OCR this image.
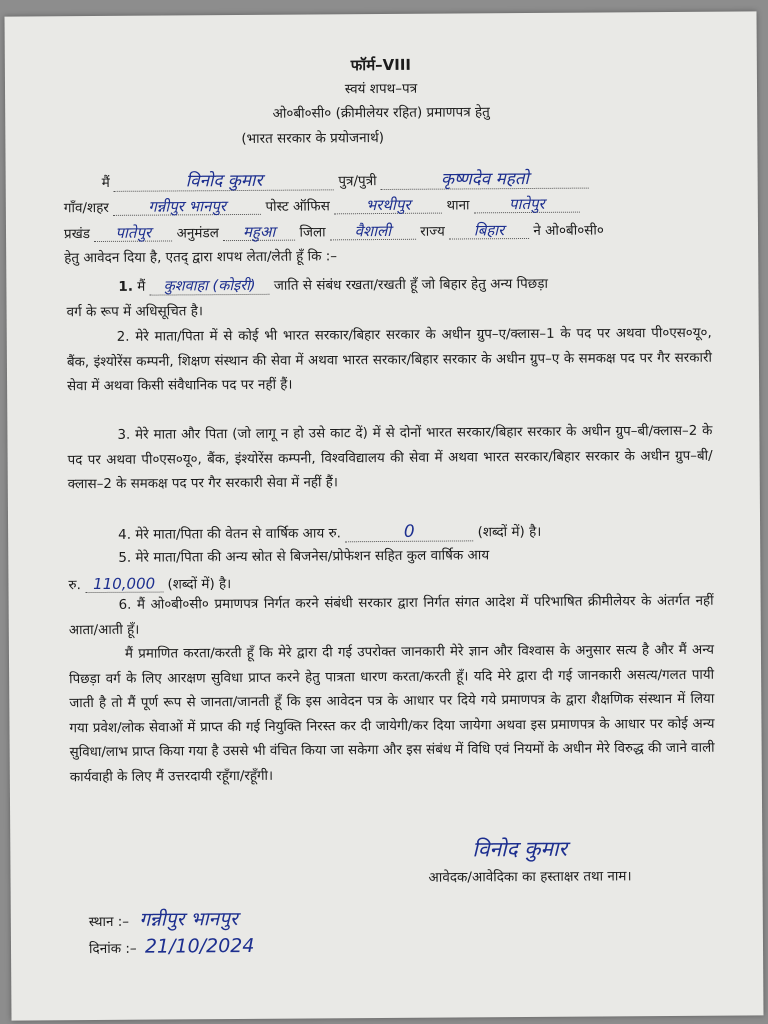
फॉर्म–VIII
स्वयं शपथ–पत्र
ओ०बी०सी० (क्रीमीलेयर रहित) प्रमाणपत्र हेतु
(भारत सरकार के प्रयोजनार्थ)
मैं	विनोद कुमार	पुत्र/पुत्री	कृष्णदेव महतो
गाँव/शहर	गन्नीपुर भानपुर	पोस्ट ऑफिस भरथीपुर	थाना	पातेपुर
प्रखंड पातेपुर अनुमंडल महुआ जिला वैशाली राज्य बिहार ने ओ०बी०सी०
हेतु आवेदन दिया है, एतद् द्वारा शपथ लेता/लेती हूँ कि :–
1. मैं कुशवाहा (कोइरी) जाति से संबंध रखता/रखती हूँ जो बिहार हेतु अन्य पिछड़ा
वर्ग के रूप में अधिसूचित है।
2. मेरे माता/पिता में से कोई भी भारत सरकार/बिहार सरकार के अधीन ग्रुप–ए/क्लास–1 के पद पर अथवा पी०एस०यू०, बैंक, इंश्योरेंस कम्पनी, शिक्षण संस्थान की सेवा में अथवा भारत सरकार/बिहार सरकार के अधीन ग्रुप–ए के समकक्ष पद पर गैर सरकारी सेवा में अथवा किसी संवैधानिक पद पर नहीं हैं।
3. मेरे माता और पिता (जो लागू न हो उसे काट दें) में से दोनों भारत सरकार/बिहार सरकार के अधीन ग्रुप–बी/क्लास–2 के पद पर अथवा पी०एस०यू०, बैंक, इंश्योरेंस कम्पनी, विश्वविद्यालय की सेवा में अथवा भारत सरकार/बिहार सरकार के अधीन ग्रुप–बी/क्लास–2 के समकक्ष पद पर गैर सरकारी सेवा में नहीं हैं।
4. मेरे माता/पिता की वेतन से वार्षिक आय रु.	0	(शब्दों में) है।
5. मेरे माता/पिता की अन्य स्रोत से बिजनेस/प्रोफेशन सहित कुल वार्षिक आय
रु. 110,000 (शब्दों में) है।
6. मैं ओ०बी०सी० प्रमाणपत्र निर्गत करने संबंधी सरकार द्वारा निर्गत संगत आदेश में परिभाषित क्रीमीलेयर के अंतर्गत नहीं आता/आती हूँ।
मैं प्रमाणित करता/करती हूँ कि मेरे द्वारा दी गई उपरोक्त जानकारी मेरे ज्ञान और विश्वास के अनुसार सत्य है और मैं अन्य पिछड़ा वर्ग के लिए आरक्षण सुविधा प्राप्त करने हेतु पात्रता धारण करता/करती हूँ। यदि मेरे द्वारा दी गई जानकारी असत्य/गलत पायी जाती है तो मैं पूर्ण रूप से जानता/जानती हूँ कि इस आवेदन पत्र के आधार पर दिये गये प्रमाणपत्र के द्वारा शैक्षणिक संस्थान में लिया गया प्रवेश/लोक सेवाओं में प्राप्त की गई नियुक्ति निरस्त कर दी जायेगी/कर दिया जायेगा अथवा इस प्रमाणपत्र के आधार पर कोई अन्य सुविधा/लाभ प्राप्त किया गया है उससे भी वंचित किया जा सकेगा और इस संबंध में विधि एवं नियमों के अधीन मेरे विरुद्ध की जाने वाली कार्यवाही के लिए मैं उत्तरदायी रहूँगा/रहूँगी।
विनोद कुमार
आवेदक/आवेदिका का हस्ताक्षर तथा नाम।
स्थान :– गन्नीपुर भानपुर
दिनांक :– 21/10/2024
